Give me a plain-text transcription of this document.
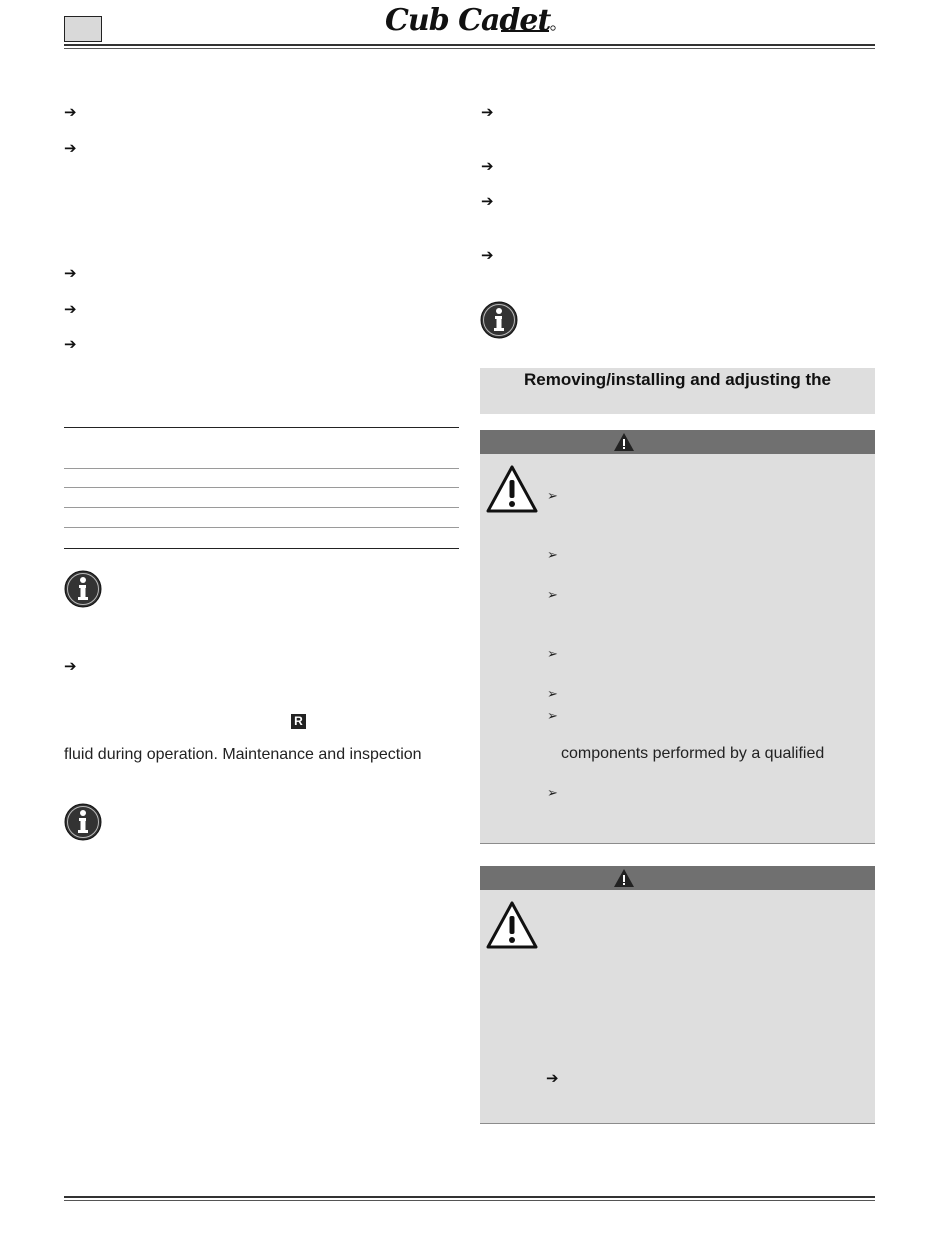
Cub Cadet
➔
➔
➔
➔
➔
➔
R
fluid during operation. Maintenance and inspection
➔
➔
➔
➔
Removing/installing and adjusting the
➢
➢
➢
➢
➢
➢
components performed by a qualified
➢
➔
